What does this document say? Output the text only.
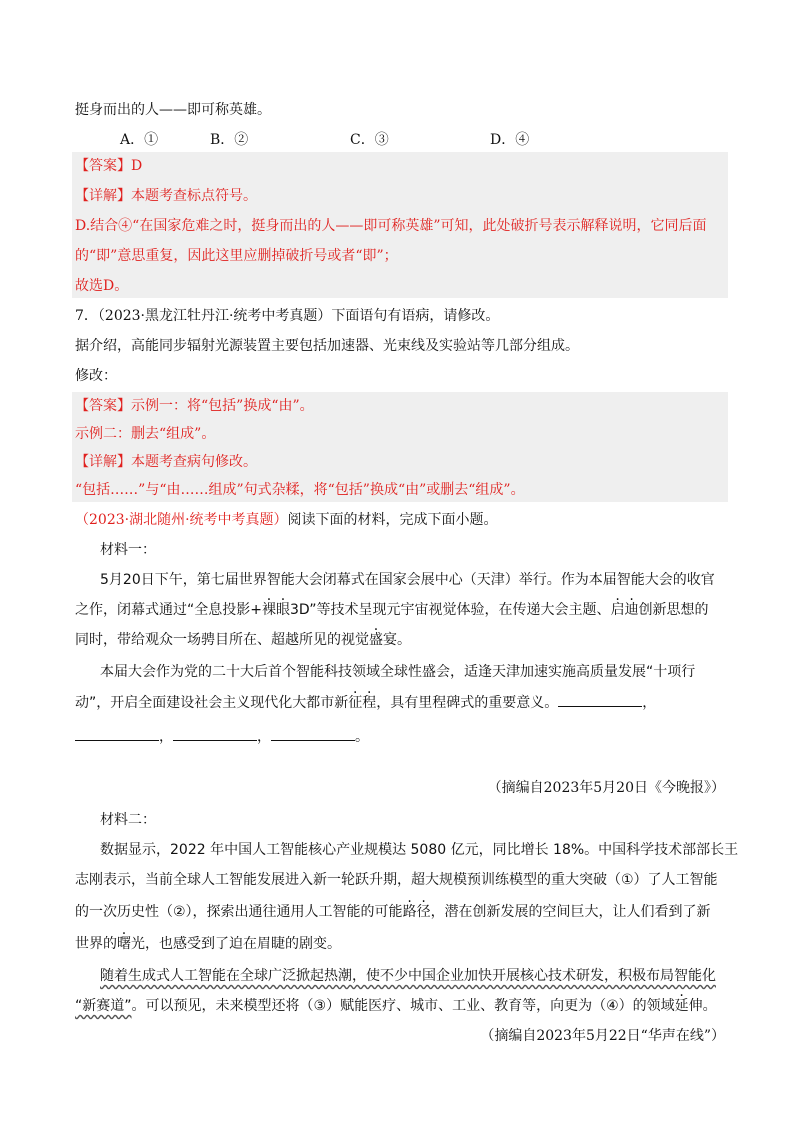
挺身而出的人——即可称英雄。
A．①	B．②	C．③	D．④
【答案】D
【详解】本题考查标点符号。
D.结合④“在国家危难之时，挺身而出的人——即可称英雄”可知，此处破折号表示解释说明，它同后面
的“即”意思重复，因此这里应删掉破折号或者“即”；
故选D。
7．（2023·黑龙江牡丹江·统考中考真题）下面语句有语病，请修改。
据介绍，高能同步辐射光源装置主要包括加速器、光束线及实验站等几部分组成。
修改：
【答案】示例一：将“包括”换成“由”。
示例二：删去“组成”。
【详解】本题考查病句修改。
“包括……”与“由……组成”句式杂糅，将“包括”换成“由”或删去“组成”。
（2023·湖北随州·统考中考真题）阅读下面的材料，完成下面小题。
材料一：
5月20日下午，第七届世界智能大会闭幕式在国家会展中心（天津）举行。作为本届智能大会的收官
之作，闭幕式通过“全息投影+裸眼3D”等技术呈现元宇宙视觉体验，在传递大会主题、启迪创新思想的
同时，带给观众一场骋目所在、超越所见的视觉盛宴。
本届大会作为党的二十大后首个智能科技领域全球性盛会，适逢天津加速实施高质量发展“十项行
动”，开启全面建设社会主义现代化大都市新征程，具有里程碑式的重要意义。	，
，	，	。
（摘编自2023年5月20日《今晚报》）
材料二：
数据显示，2022 年中国人工智能核心产业规模达 5080 亿元，同比增长 18%。中国科学技术部部长王
志刚表示，当前全球人工智能发展进入新一轮跃升期，超大规模预训练模型的重大突破（①）了人工智能
的一次历史性（②），探索出通往通用人工智能的可能路径，潜在创新发展的空间巨大，让人们看到了新
世界的曙光，也感受到了迫在眉睫的剧变。
随着生成式人工智能在全球广泛掀起热潮，使不少中国企业加快开展核心技术研发，积极布局智能化
“新赛道”。可以预见，未来模型还将（③）赋能医疗、城市、工业、教育等，向更为（④）的领域延伸。
（摘编自2023年5月22日“华声在线”）
